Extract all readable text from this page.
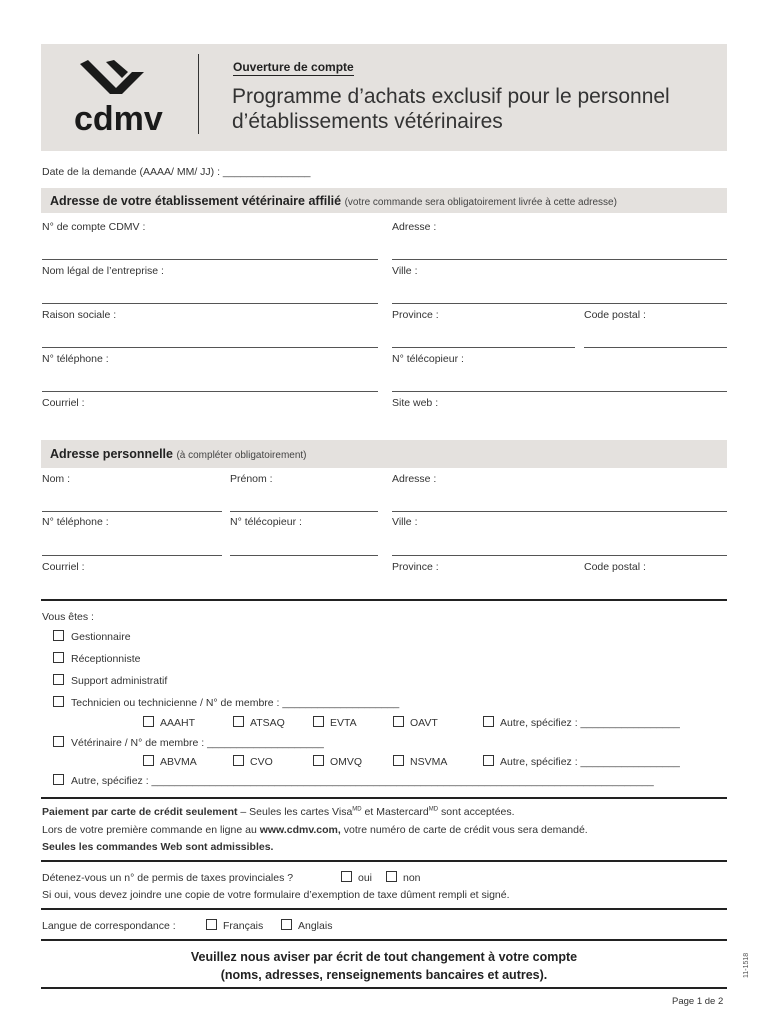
cdmv
Ouverture de compte
Programme d’achats exclusif pour le personnel
d’établissements vétérinaires
Date de la demande (AAAA/ MM/ JJ) : _______________
Adresse de votre établissement vétérinaire affilié (votre commande sera obligatoirement livrée à cette adresse)
N° de compte CDMV :	Adresse :
Nom légal de l’entreprise :	Ville :
Raison sociale :	Province :	Code postal :
N° téléphone :	N° télécopieur :
Courriel :	Site web :
Adresse personnelle (à compléter obligatoirement)
Nom :	Prénom :	Adresse :
N° téléphone :	N° télécopieur :	Ville :
Courriel :	Province :	Code postal :
Vous êtes :
Gestionnaire
Réceptionniste
Support administratif
Technicien ou technicienne / N° de membre : ____________________
AAAHT	ATSAQ	EVTA	OAVT	Autre, spécifiez : _________________
Vétérinaire / N° de membre : ____________________
ABVMA	CVO	OMVQ	NSVMA	Autre, spécifiez : _________________
Autre, spécifiez : ______________________________________________________________________________________
Paiement par carte de crédit seulement – Seules les cartes Visa$^{MD}$ et Mastercard$^{MD}$ sont acceptées.
Lors de votre première commande en ligne au www.cdmv.com, votre numéro de carte de crédit vous sera demandé.
Seules les commandes Web sont admissibles.
Détenez-vous un n° de permis de taxes provinciales ?	oui	non
Si oui, vous devez joindre une copie de votre formulaire d’exemption de taxe dûment rempli et signé.
Langue de correspondance :	Français	Anglais
Veuillez nous aviser par écrit de tout changement à votre compte
(noms, adresses, renseignements bancaires et autres).	11-1518
Page 1 de 2
